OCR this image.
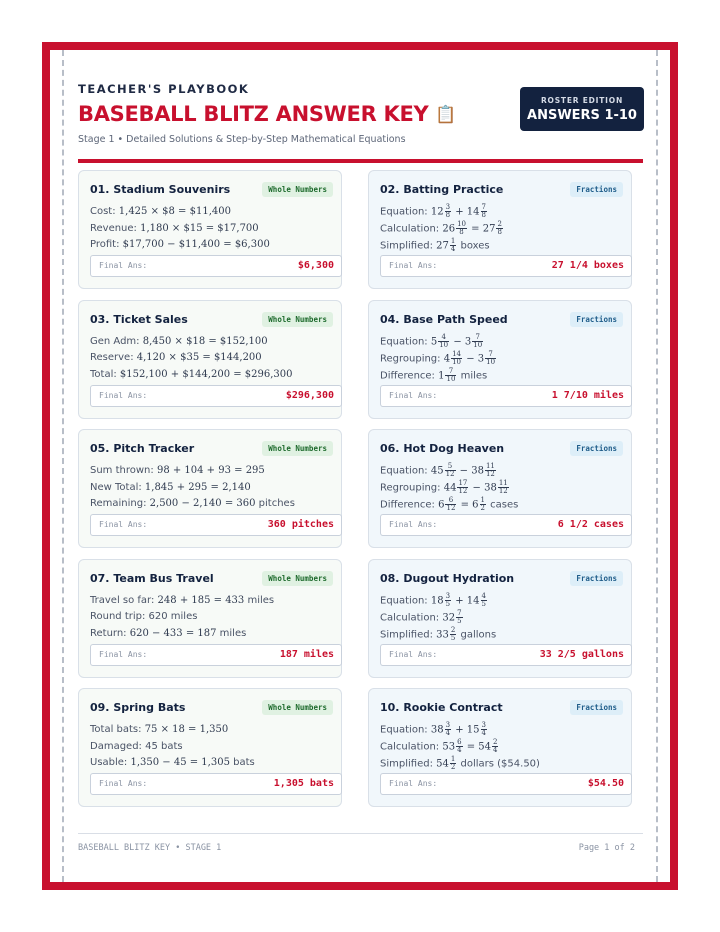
TEACHER'S PLAYBOOK
BASEBALL BLITZ ANSWER KEY 📋
Stage 1 • Detailed Solutions & Step-by-Step Mathematical Equations
ROSTER EDITION
ANSWERS 1-10
01. Stadium Souvenirs	Whole Numbers
Cost: 1,425 × $8 = $11,400
Revenue: 1,180 × $15 = $17,700
Profit: $17,700 − $11,400 = $6,300
Final Ans:	$6,300
02. Batting Practice	Fractions
Equation: $12 \frac{3}{8} + 14 \frac{7}{8}$
Calculation: $26 \frac{10}{8} = 27 \frac{2}{8}$
Simplified: $27 \frac{1}{4}$ boxes
Final Ans:	27 1/4 boxes
03. Ticket Sales	Whole Numbers
Gen Adm: 8,450 × $18 = $152,100
Reserve: 4,120 × $35 = $144,200
Total: $152,100 + $144,200 = $296,300
Final Ans:	$296,300
04. Base Path Speed	Fractions
Equation: $5 \frac{4}{10} - 3 \frac{7}{10}$
Regrouping: $4 \frac{14}{10} - 3 \frac{7}{10}$
Difference: $1 \frac{7}{10}$ miles
Final Ans:	1 7/10 miles
05. Pitch Tracker	Whole Numbers
Sum thrown: 98 + 104 + 93 = 295
New Total: 1,845 + 295 = 2,140
Remaining: 2,500 − 2,140 = 360 pitches
Final Ans:	360 pitches
06. Hot Dog Heaven	Fractions
Equation: $45 \frac{5}{12} - 38 \frac{11}{12}$
Regrouping: $44 \frac{17}{12} - 38 \frac{11}{12}$
Difference: $6 \frac{6}{12} = 6 \frac{1}{2}$ cases
Final Ans:	6 1/2 cases
07. Team Bus Travel	Whole Numbers
Travel so far: 248 + 185 = 433 miles
Round trip: 620 miles
Return: 620 − 433 = 187 miles
Final Ans:	187 miles
08. Dugout Hydration	Fractions
Equation: $18 \frac{3}{5} + 14 \frac{4}{5}$
Calculation: $32 \frac{7}{5}$
Simplified: $33 \frac{2}{5}$ gallons
Final Ans:	33 2/5 gallons
09. Spring Bats	Whole Numbers
Total bats: 75 × 18 = 1,350
Damaged: 45 bats
Usable: 1,350 − 45 = 1,305 bats
Final Ans:	1,305 bats
10. Rookie Contract	Fractions
Equation: $38 \frac{3}{4} + 15 \frac{3}{4}$
Calculation: $53 \frac{6}{4} = 54 \frac{2}{4}$
Simplified: $54 \frac{1}{2}$ dollars ($54.50)
Final Ans:	$54.50
BASEBALL BLITZ KEY • STAGE 1	Page 1 of 2
